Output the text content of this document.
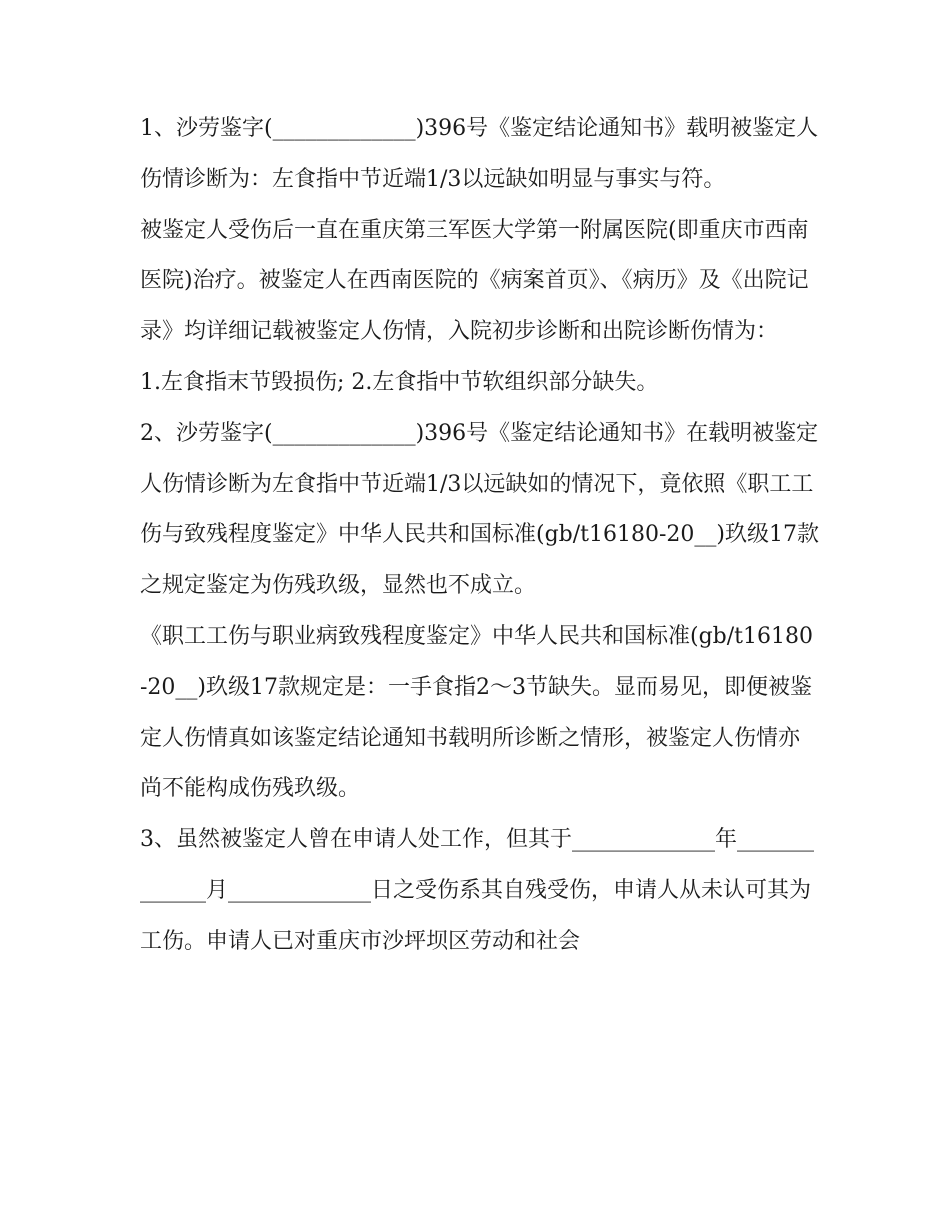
1、沙劳鉴字(_____________)396号《鉴定结论通知书》载明被鉴定人伤情诊断为：左食指中节近端1/3以远缺如明显与事实与符。

被鉴定人受伤后一直在重庆第三军医大学第一附属医院(即重庆市西南医院)治疗。被鉴定人在西南医院的《病案首页》、《病历》及《出院记录》均详细记载被鉴定人伤情，入院初步诊断和出院诊断伤情为：

1.左食指末节毁损伤; 2.左食指中节软组织部分缺失。

2、沙劳鉴字(_____________)396号《鉴定结论通知书》在载明被鉴定人伤情诊断为左食指中节近端1/3以远缺如的情况下，竟依照《职工工伤与致残程度鉴定》中华人民共和国标准(gb/t16180-20__)玖级17款之规定鉴定为伤残玖级，显然也不成立。

《职工工伤与职业病致残程度鉴定》中华人民共和国标准(gb/t16180-20__)玖级17款规定是：一手食指2～3节缺失。显而易见，即便被鉴定人伤情真如该鉴定结论通知书载明所诊断之情形，被鉴定人伤情亦尚不能构成伤残玖级。

3、虽然被鉴定人曾在申请人处工作，但其于_____________年_____________月_____________日之受伤系其自残受伤，申请人从未认可其为工伤。申请人已对重庆市沙坪坝区劳动和社会
